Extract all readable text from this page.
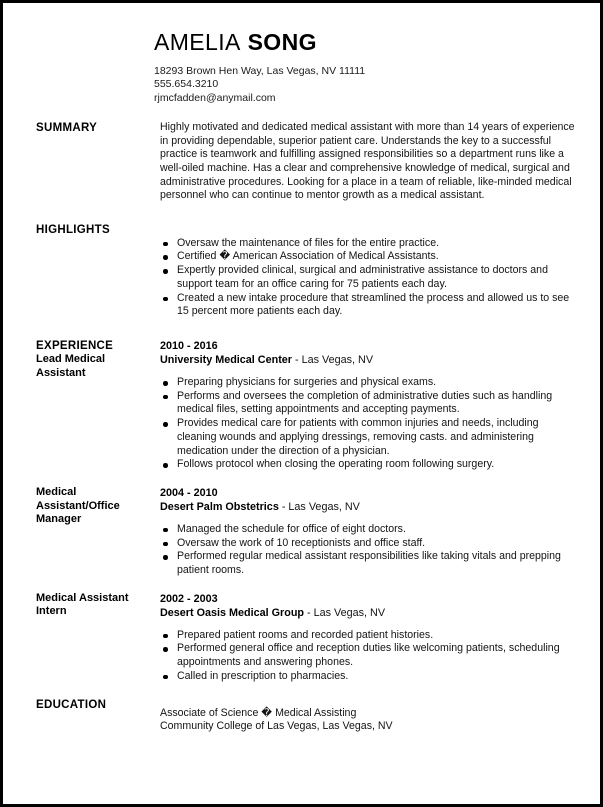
AMELIA SONG
18293 Brown Hen Way, Las Vegas, NV 11111
555.654.3210
rjmcfadden@anymail.com
SUMMARY	Highly motivated and dedicated medical assistant with more than 14 years of experience in providing dependable, superior patient care. Understands the key to a successful practice is teamwork and fulfilling assigned responsibilities so a department runs like a well-oiled machine. Has a clear and comprehensive knowledge of medical, surgical and administrative procedures. Looking for a place in a team of reliable, like-minded medical personnel who can continue to mentor growth as a medical assistant.
HIGHLIGHTS
Oversaw the maintenance of files for the entire practice.
Certified � American Association of Medical Assistants.
Expertly provided clinical, surgical and administrative assistance to doctors and support team for an office caring for 75 patients each day.
Created a new intake procedure that streamlined the process and allowed us to see 15 percent more patients each day.
EXPERIENCE
Lead Medical Assistant
2010 - 2016
University Medical Center - Las Vegas, NV
Preparing physicians for surgeries and physical exams.
Performs and oversees the completion of administrative duties such as handling medical files, setting appointments and accepting payments.
Provides medical care for patients with common injuries and needs, including cleaning wounds and applying dressings, removing casts. and administering medication under the direction of a physician.
Follows protocol when closing the operating room following surgery.
Medical Assistant/Office Manager
2004 - 2010
Desert Palm Obstetrics - Las Vegas, NV
Managed the schedule for office of eight doctors.
Oversaw the work of 10 receptionists and office staff.
Performed regular medical assistant responsibilities like taking vitals and prepping patient rooms.
Medical Assistant Intern
2002 - 2003
Desert Oasis Medical Group - Las Vegas, NV
Prepared patient rooms and recorded patient histories.
Performed general office and reception duties like welcoming patients, scheduling appointments and answering phones.
Called in prescription to pharmacies.
EDUCATION
Associate of Science � Medical Assisting
Community College of Las Vegas, Las Vegas, NV
